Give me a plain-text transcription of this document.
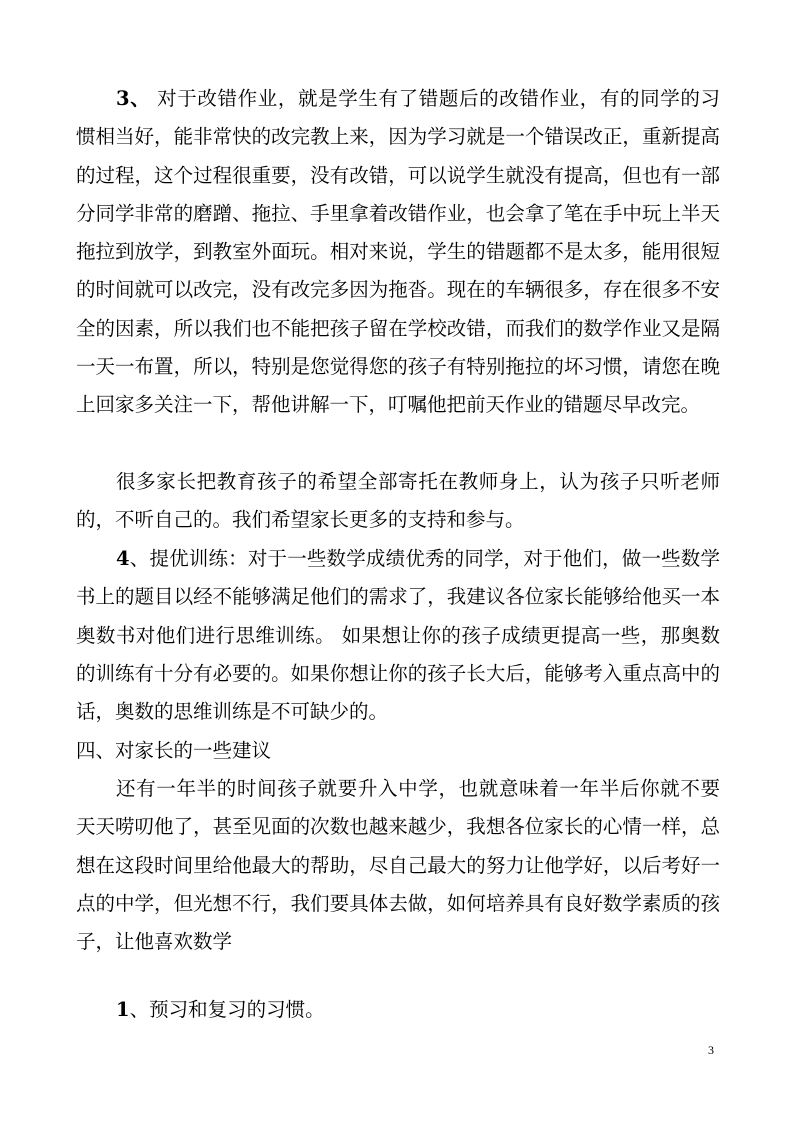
3、 对于改错作业，就是学生有了错题后的改错作业，有的同学的习惯相当好，能非常快的改完教上来，因为学习就是一个错误改正，重新提高的过程，这个过程很重要，没有改错，可以说学生就没有提高，但也有一部分同学非常的磨蹭、拖拉、手里拿着改错作业，也会拿了笔在手中玩上半天拖拉到放学，到教室外面玩。相对来说，学生的错题都不是太多，能用很短的时间就可以改完，没有改完多因为拖沓。现在的车辆很多，存在很多不安全的因素，所以我们也不能把孩子留在学校改错，而我们的数学作业又是隔一天一布置，所以，特别是您觉得您的孩子有特别拖拉的坏习惯，请您在晚上回家多关注一下，帮他讲解一下，叮嘱他把前天作业的错题尽早改完。

很多家长把教育孩子的希望全部寄托在教师身上，认为孩子只听老师的，不听自己的。我们希望家长更多的支持和参与。

4、提优训练：对于一些数学成绩优秀的同学，对于他们，做一些数学书上的题目以经不能够满足他们的需求了，我建议各位家长能够给他买一本奥数书对他们进行思维训练。 如果想让你的孩子成绩更提高一些，那奥数的训练有十分有必要的。如果你想让你的孩子长大后，能够考入重点高中的话，奥数的思维训练是不可缺少的。

四、对家长的一些建议

还有一年半的时间孩子就要升入中学，也就意味着一年半后你就不要天天唠叨他了，甚至见面的次数也越来越少，我想各位家长的心情一样，总想在这段时间里给他最大的帮助，尽自己最大的努力让他学好，以后考好一点的中学，但光想不行，我们要具体去做，如何培养具有良好数学素质的孩子，让他喜欢数学

1、预习和复习的习惯。

3
